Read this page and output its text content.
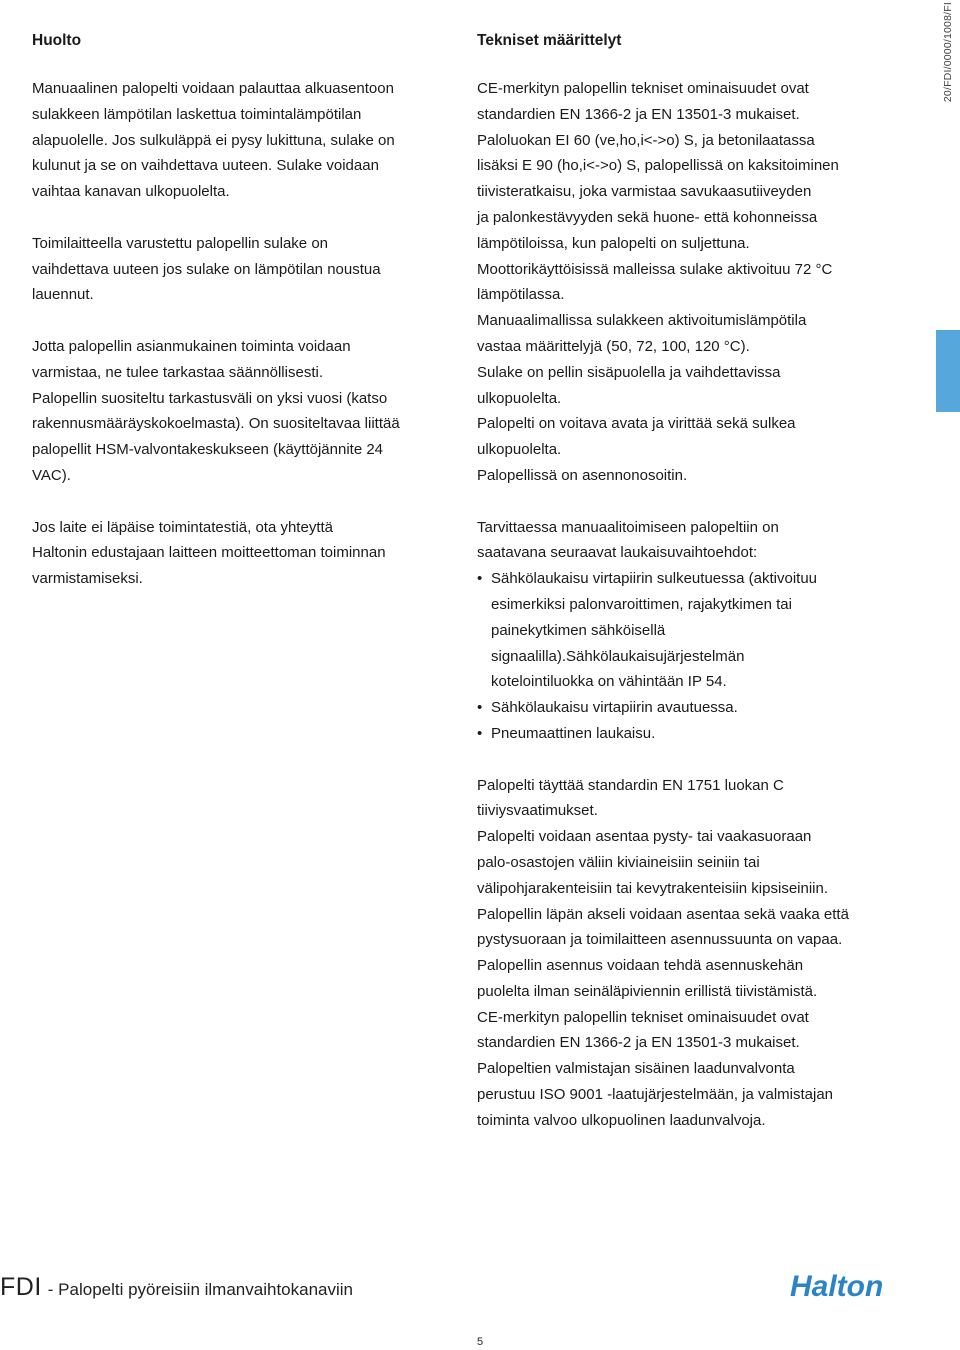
20/FDI/0000/1008/FI
Huolto

Manuaalinen palopelti voidaan palauttaa alkuasentoon
sulakkeen lämpötilan laskettua toimintalämpötilan
alapuolelle. Jos sulkuläppä ei pysy lukittuna, sulake on
kulunut ja se on vaihdettava uuteen. Sulake voidaan
vaihtaa kanavan ulkopuolelta.

Toimilaitteella varustettu palopellin sulake on
vaihdettava uuteen jos sulake on lämpötilan noustua
lauennut.

Jotta palopellin asianmukainen toiminta voidaan
varmistaa, ne tulee tarkastaa säännöllisesti.
Palopellin suositeltu tarkastusväli on yksi vuosi (katso
rakennusmääräyskokoelmasta). On suositeltavaa liittää
palopellit HSM-valvontakeskukseen (käyttöjännite 24
VAC).

Jos laite ei läpäise toimintatestiä, ota yhteyttä
Haltonin edustajaan laitteen moitteettoman toiminnan
varmistamiseksi.

Tekniset määrittelyt

CE-merkityn palopellin tekniset ominaisuudet ovat
standardien EN 1366-2 ja EN 13501-3 mukaiset.
Paloluokan EI 60 (ve,ho,i<->o) S, ja betonilaatassa
lisäksi E 90 (ho,i<->o) S, palopellissä on kaksitoiminen
tiivisteratkaisu, joka varmistaa savukaasutiiveyden
ja palonkestävyyden sekä huone- että kohonneissa
lämpötiloissa, kun palopelti on suljettuna.
Moottorikäyttöisissä malleissa sulake aktivoituu 72 °C
lämpötilassa.
Manuaalimallissa sulakkeen aktivoitumislämpötila
vastaa määrittelyjä (50, 72, 100, 120 °C).
Sulake on pellin sisäpuolella ja vaihdettavissa
ulkopuolelta.
Palopelti on voitava avata ja virittää sekä sulkea
ulkopuolelta.
Palopellissä on asennonosoitin.

Tarvittaessa manuaalitoimiseen palopeltiin on
saatavana seuraavat laukaisuvaihtoehdot:

• Sähkölaukaisu virtapiirin sulkeutuessa (aktivoituu
esimerkiksi palonvaroittimen, rajakytkimen tai
painekytkimen sähköisellä
signaalilla).Sähkölaukaisujärjestelmän
kotelointiluokka on vähintään IP 54.
• Sähkölaukaisu virtapiirin avautuessa.
• Pneumaattinen laukaisu.

Palopelti täyttää standardin EN 1751 luokan C
tiiviysvaatimukset.
Palopelti voidaan asentaa pysty- tai vaakasuoraan
palo-osastojen väliin kiviaineisiin seiniin tai
välipohjarakenteisiin tai kevytrakenteisiin kipsiseiniin.
Palopellin läpän akseli voidaan asentaa sekä vaaka että
pystysuoraan ja toimilaitteen asennussuunta on vapaa.
Palopellin asennus voidaan tehdä asennuskehän
puolelta ilman seinäläpiviennin erillistä tiivistämistä.
CE-merkityn palopellin tekniset ominaisuudet ovat
standardien EN 1366-2 ja EN 13501-3 mukaiset.
Palopeltien valmistajan sisäinen laadunvalvonta
perustuu ISO 9001 -laatujärjestelmään, ja valmistajan
toiminta valvoo ulkopuolinen laadunvalvoja.

FDI - Palopelti pyöreisiin ilmanvaihtokanaviin	Halton
5
